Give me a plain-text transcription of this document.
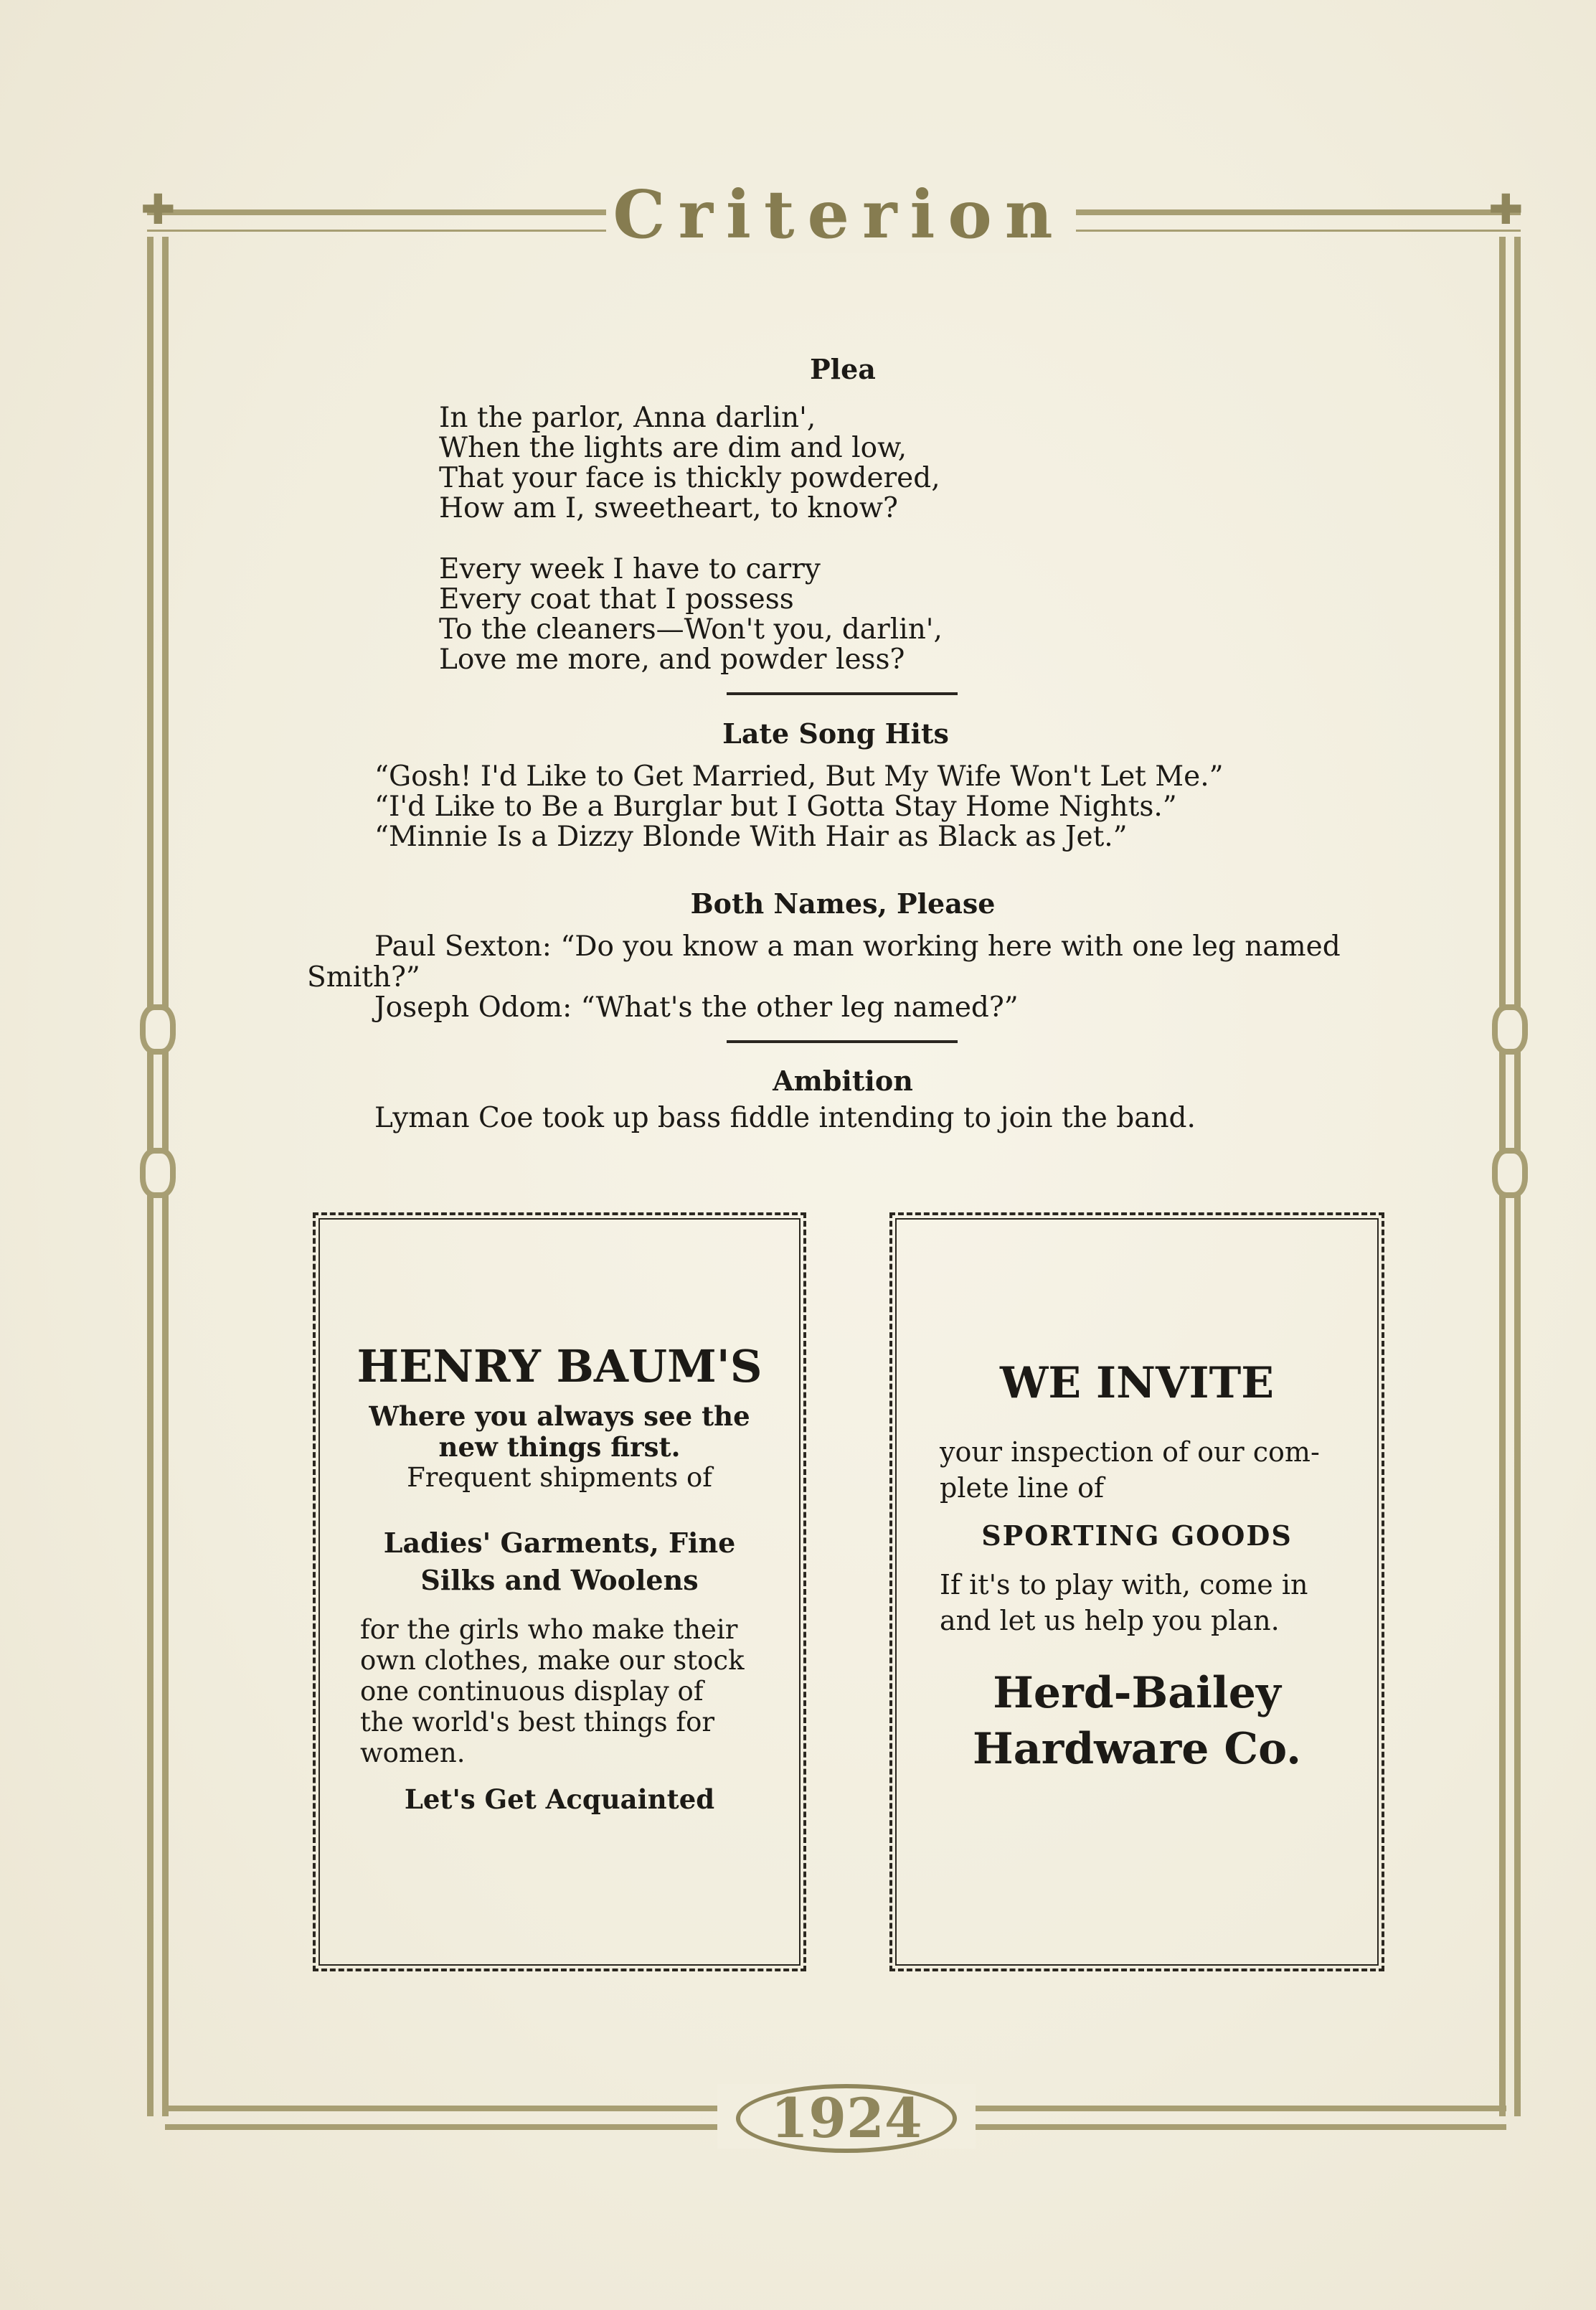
✚	✚
Criterion
Plea
In the parlor, Anna darlin',
When the lights are dim and low,
That your face is thickly powdered,
How am I, sweetheart, to know?
Every week I have to carry
Every coat that I possess
To the cleaners—Won't you, darlin',
Love me more, and powder less?
Late Song Hits
“Gosh! I'd Like to Get Married, But My Wife Won't Let Me.”
“I'd Like to Be a Burglar but I Gotta Stay Home Nights.”
“Minnie Is a Dizzy Blonde With Hair as Black as Jet.”
Both Names, Please
Paul Sexton: “Do you know a man working here with one leg named
Smith?”
Joseph Odom: “What's the other leg named?”
Ambition
Lyman Coe took up bass fiddle intending to join the band.
HENRY BAUM'S
Where you always see the
new things first.
Frequent shipments of
Ladies' Garments, Fine
Silks and Woolens
for the girls who make their
own clothes, make our stock
one continuous display of
the world's best things for
women.
Let's Get Acquainted
WE INVITE
your inspection of our com-
plete line of
SPORTING GOODS
If it's to play with, come in
and let us help you plan.
Herd-Bailey
Hardware Co.
1924
